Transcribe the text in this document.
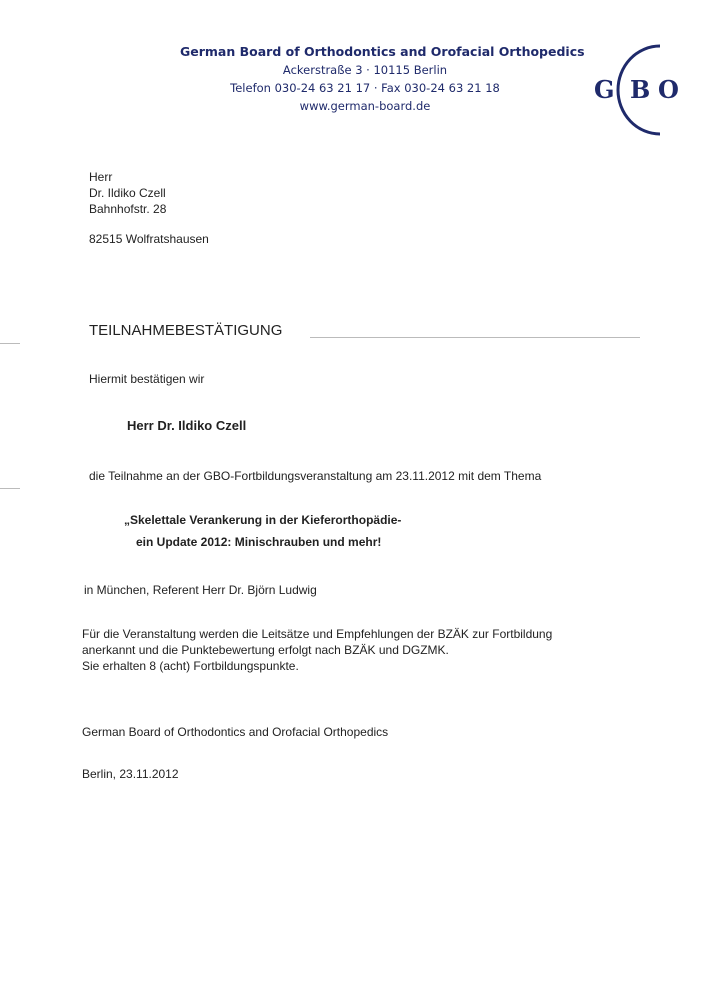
German Board of Orthodontics and Orofacial Orthopedics
Ackerstraße 3 · 10115 Berlin
Telefon 030-24 63 21 17 · Fax 030-24 63 21 18
www.german-board.de
G B O
Herr
Dr. Ildiko Czell
Bahnhofstr. 28
82515 Wolfratshausen
TEILNAHMEBESTÄTIGUNG
Hiermit bestätigen wir
Herr Dr. Ildiko Czell
die Teilnahme an der GBO-Fortbildungsveranstaltung am 23.11.2012 mit dem Thema
„Skelettale Verankerung in der Kieferorthopädie-
ein Update 2012: Minischrauben und mehr!
in München, Referent Herr Dr. Björn Ludwig
Für die Veranstaltung werden die Leitsätze und Empfehlungen der BZÄK zur Fortbildung
anerkannt und die Punktebewertung erfolgt nach BZÄK und DGZMK.
Sie erhalten 8 (acht) Fortbildungspunkte.
German Board of Orthodontics and Orofacial Orthopedics
Berlin, 23.11.2012
